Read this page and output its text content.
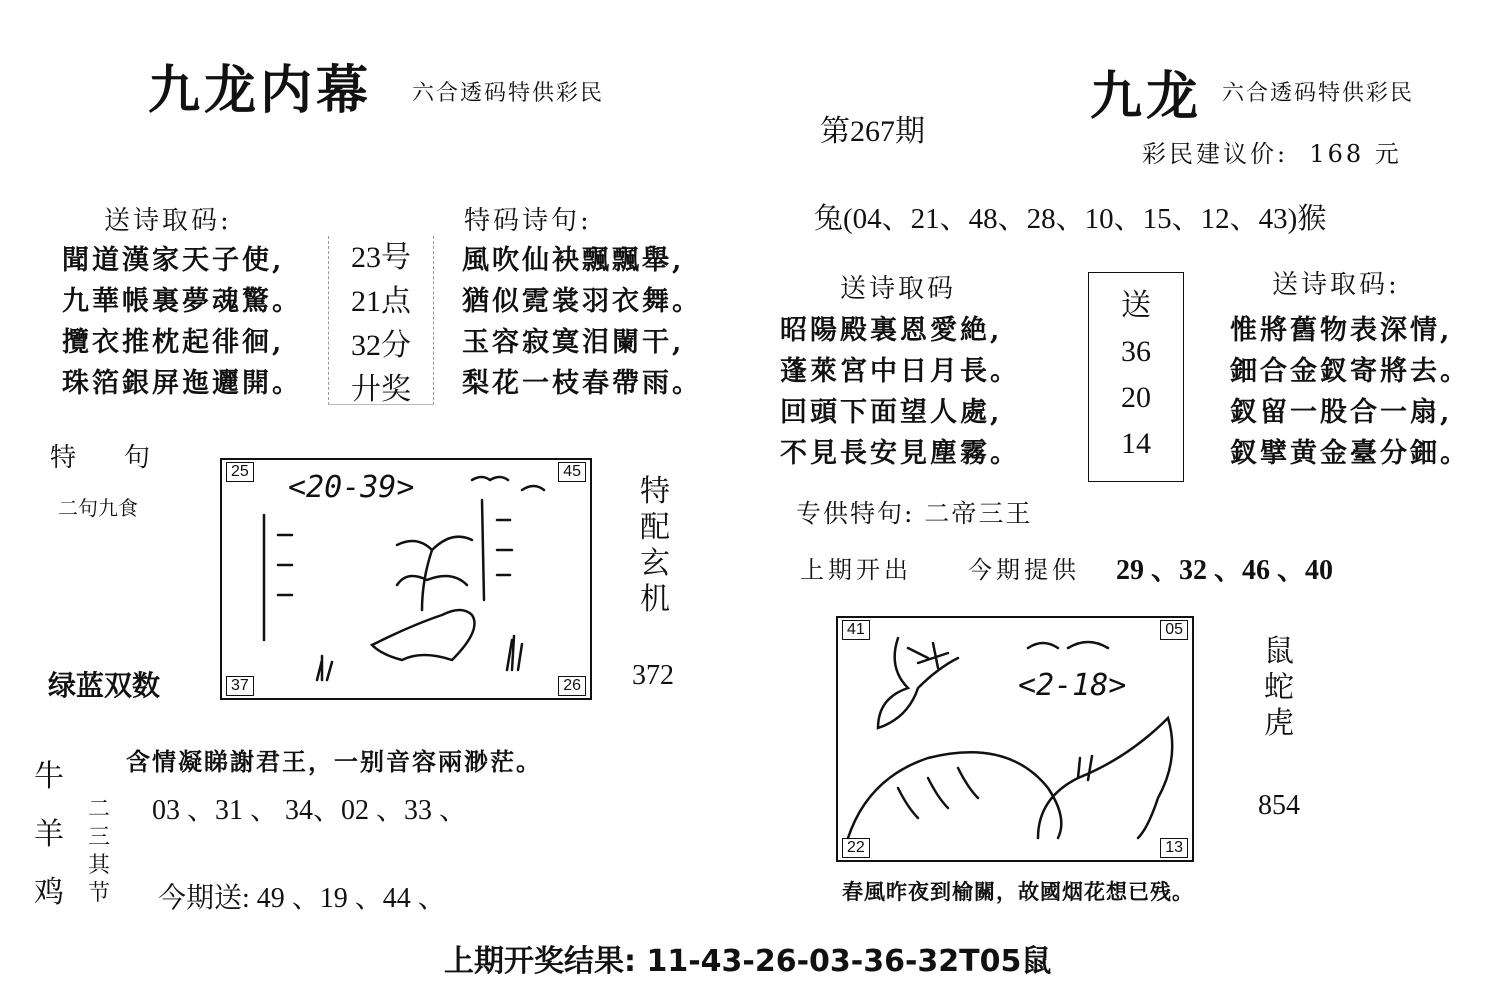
九龙内幕 六合透码特供彩民
送诗取码:	特码诗句:
聞道漢家天子使,
九華帳裏夢魂驚。
攬衣推枕起徘徊,
珠箔銀屏迤邐開。
23号
21点
32分
廾奖
風吹仙袂飄飄舉,
猶似霓裳羽衣舞。
玉容寂寞泪闌干,
梨花一枝春帶雨。
特    句
二句九食
25	45
37	26
<20-39>	特
配
玄
机
绿蓝双数	372
牛
羊
鸡
含情凝睇謝君王，一别音容兩渺茫。
二
三
其
节
03 、31 、 34、02 、33 、
今期送: 49 、19 、44 、
第267期
九龙 六合透码特供彩民
彩民建议价:  168 元
兔(04、21、48、28、10、15、12、43)猴
送诗取码	送诗取码:
昭陽殿裏恩愛絶,
蓬萊宮中日月長。
回頭下面望人處,
不見長安見塵霧。
送
36
20
14
惟將舊物表深情,
鈿合金釵寄將去。
釵留一股合一扇,
釵擘黄金臺分鈿。
专供特句: 二帝三王
上期开出 今期提供 29 、32 、46 、40
41	05
22	13
<2-18>
鼠
蛇
虎
854
春風昨夜到榆關，故國烟花想已残。
上期开奖结果: 11-43-26-03-36-32T05鼠
